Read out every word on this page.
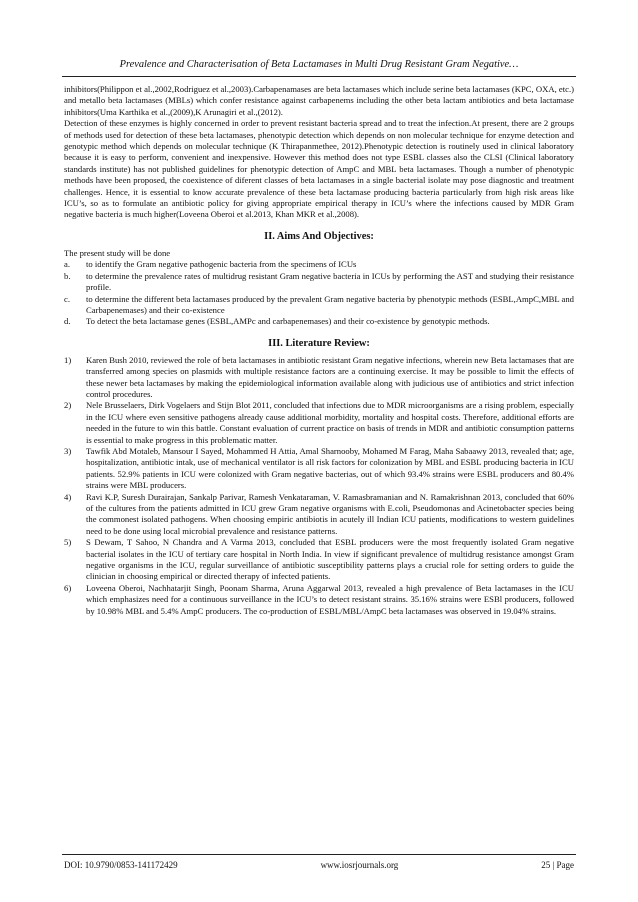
Prevalence and Characterisation of Beta Lactamases in Multi Drug Resistant Gram Negative…

inhibitors(Philippon et al.,2002,Rodriguez et al.,2003).Carbapenamases are beta lactamases which include serine beta lactamases (KPC, OXA, etc.) and metallo beta lactamases (MBLs) which confer resistance against carbapenems including the other beta lactam antibiotics and beta lactamase inhibitors(Uma Karthika et al.,(2009),K Arunagiri et al.,(2012).

Detection of these enzymes is highly concerned in order to prevent resistant bacteria spread and to treat the infection.At present, there are 2 groups of methods used for detection of these beta lactamases, phenotypic detection which depends on non molecular technique for enzyme detection and genotypic method which depends on molecular technique (K Thirapanmethee, 2012).Phenotypic detection is routinely used in clinical laboratory because it is easy to perform, convenient and inexpensive. However this method does not type ESBL classes also the CLSI (Clinical laboratory standards institute) has not published guidelines for phenotypic detection of AmpC and MBL beta lactamases. Though a number of phenotypic methods have been proposed, the coexistence of diferent classes of beta lactamases in a single bacterial isolate may pose diagnostic and treatment challenges. Hence, it is essential to know accurate prevalence of these beta lactamase producing bacteria particularly from high risk areas like ICU’s, so as to formulate an antibiotic policy for giving appropriate empirical therapy in ICU’s where the infections caused by MDR Gram negative bacteria is much higher(Loveena Oberoi et al.2013, Khan MKR et al.,2008).

II. Aims And Objectives:

The present study will be done

a. to identify the Gram negative pathogenic bacteria from the specimens of ICUs
b. to determine the prevalence rates of multidrug resistant Gram negative bacteria in ICUs by performing the AST and studying their resistance profile.
c. to determine the different beta lactamases produced by the prevalent Gram negative bacteria by phenotypic methods (ESBL,AmpC,MBL and Carbapenemases) and their co-existence
d. To detect the beta lactamase genes (ESBL,AMPc and carbapenemases) and their co-existence by genotypic methods.
III. Literature Review:
1) Karen Bush 2010, reviewed the role of beta lactamases in antibiotic resistant Gram negative infections, wherein new Beta lactamases that are transferred among species on plasmids with multiple resistance factors are a continuing exercise. It may be possible to limit the effects of these newer beta lactamases by making the epidemiological information available along with judicious use of antibiotics and strict infection control procedures.
2) Nele Brusselaers, Dirk Vogelaers and Stijn Blot 2011, concluded that infections due to MDR microorganisms are a rising problem, especially in the ICU where even sensitive pathogens already cause additional morbidity, mortality and hospital costs. Therefore, additional efforts are needed in the future to win this battle. Constant evaluation of current practice on basis of trends in MDR and antibiotic consumption patterns is essential to make progress in this problematic matter.
3) Tawfik Abd Motaleb, Mansour I Sayed, Mohammed H Attia, Amal Sharnooby, Mohamed M Farag, Maha Sabaawy 2013, revealed that; age, hospitalization, antibiotic intak, use of mechanical ventilator is all risk factors for colonization by MBL and ESBL producing bacteria in ICU patients. 52.9% patients in ICU were colonized with Gram negative bacterias, out of which 93.4% strains were ESBL producers and 80.4% strains were MBL producers.
4) Ravi K.P, Suresh Durairajan, Sankalp Parivar, Ramesh Venkataraman, V. Ramasbramanian and N. Ramakrishnan 2013, concluded that 60% of the cultures from the patients admitted in ICU grew Gram negative organisms with E.coli, Pseudomonas and Acinetobacter species being the commonest isolated pathogens. When choosing empiric antibiotis in acutely ill Indian ICU patients, modifications to western guidelines need to be done using local microbial prevalence and resistance patterns.
5) S Dewam, T Sahoo, N Chandra and A Varma 2013, concluded that ESBL producers were the most frequently isolated Gram negative bacterial isolates in the ICU of tertiary care hospital in North India. In view if significant prevalence of multidrug resistance amongst Gram negative organisms in the ICU, regular surveillance of antibiotic susceptibility patterns plays a crucial role for setting orders to guide the clinician in choosing empirical or directed therapy of infected patients.
6) Loveena Oberoi, Nachhatarjit Singh, Poonam Sharma, Aruna Aggarwal 2013, revealed a high prevalence of Beta lactamases in the ICU which emphasizes need for a continuous surveillance in the ICU’s to detect resistant strains. 35.16% strains were ESBl producers, followed by 10.98% MBL and 5.4% AmpC producers. The co-production of ESBL/MBL/AmpC beta lactamases was observed in 19.04% strains.
DOI: 10.9790/0853-141172429	www.iosrjournals.org	25 | Page
